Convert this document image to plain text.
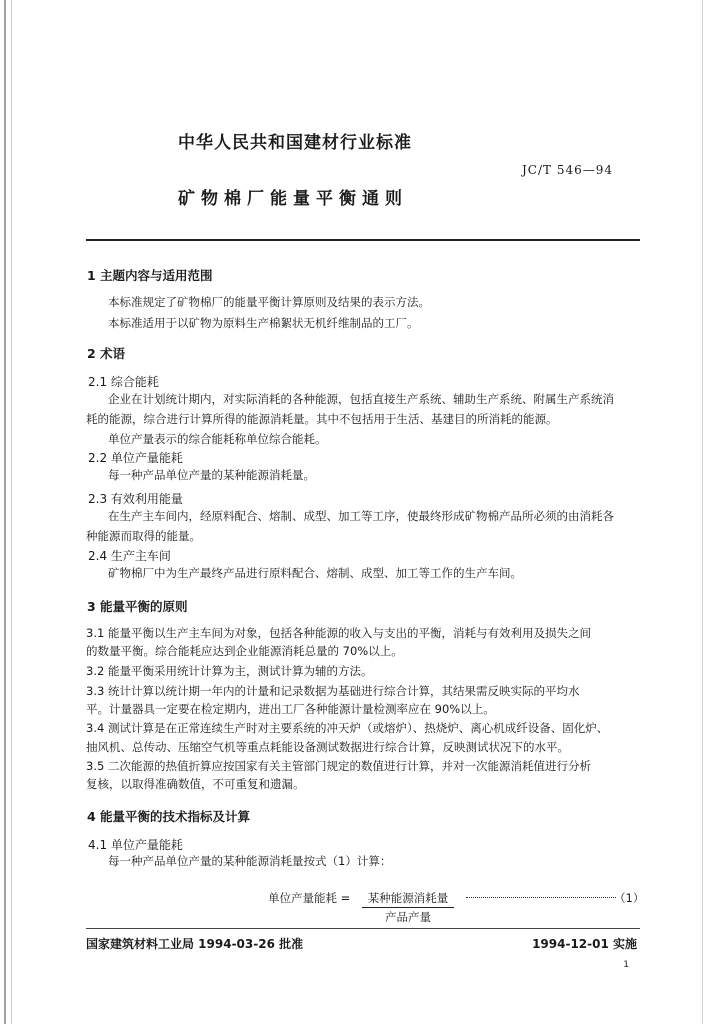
中华人民共和国建材行业标准
JC/T 546—94
矿物棉厂能量平衡通则
1 主题内容与适用范围
本标准规定了矿物棉厂的能量平衡计算原则及结果的表示方法。
本标准适用于以矿物为原料生产棉絮状无机纤维制品的工厂。
2 术语
2.1 综合能耗
企业在计划统计期内，对实际消耗的各种能源，包括直接生产系统、辅助生产系统、附属生产系统消
耗的能源，综合进行计算所得的能源消耗量。其中不包括用于生活、基建目的所消耗的能源。
单位产量表示的综合能耗称单位综合能耗。
2.2 单位产量能耗
每一种产品单位产量的某种能源消耗量。
2.3 有效利用能量
在生产主车间内，经原料配合、熔制、成型、加工等工序，使最终形成矿物棉产品所必须的由消耗各
种能源而取得的能量。
2.4 生产主车间
矿物棉厂中为生产最终产品进行原料配合、熔制、成型、加工等工作的生产车间。
3 能量平衡的原则
3.1 能量平衡以生产主车间为对象，包括各种能源的收入与支出的平衡，消耗与有效利用及损失之间
的数量平衡。综合能耗应达到企业能源消耗总量的 70%以上。
3.2 能量平衡采用统计计算为主，测试计算为辅的方法。
3.3 统计计算以统计期一年内的计量和记录数据为基础进行综合计算，其结果需反映实际的平均水
平。计量器具一定要在检定期内，进出工厂各种能源计量检测率应在 90%以上。
3.4 测试计算是在正常连续生产时对主要系统的冲天炉（或熔炉）、热烧炉、离心机成纤设备、固化炉、
抽风机、总传动、压缩空气机等重点耗能设备测试数据进行综合计算，反映测试状况下的水平。
3.5 二次能源的热值折算应按国家有关主管部门规定的数值进行计算，并对一次能源消耗值进行分析
复核，以取得准确数值，不可重复和遗漏。
4 能量平衡的技术指标及计算
4.1 单位产量能耗
每一种产品单位产量的某种能源消耗量按式（1）计算：
单位产量能耗 =	某种能源消耗量
产品产量
（1）
国家建筑材料工业局 1994-03-26 批准	1994-12-01 实施
1
